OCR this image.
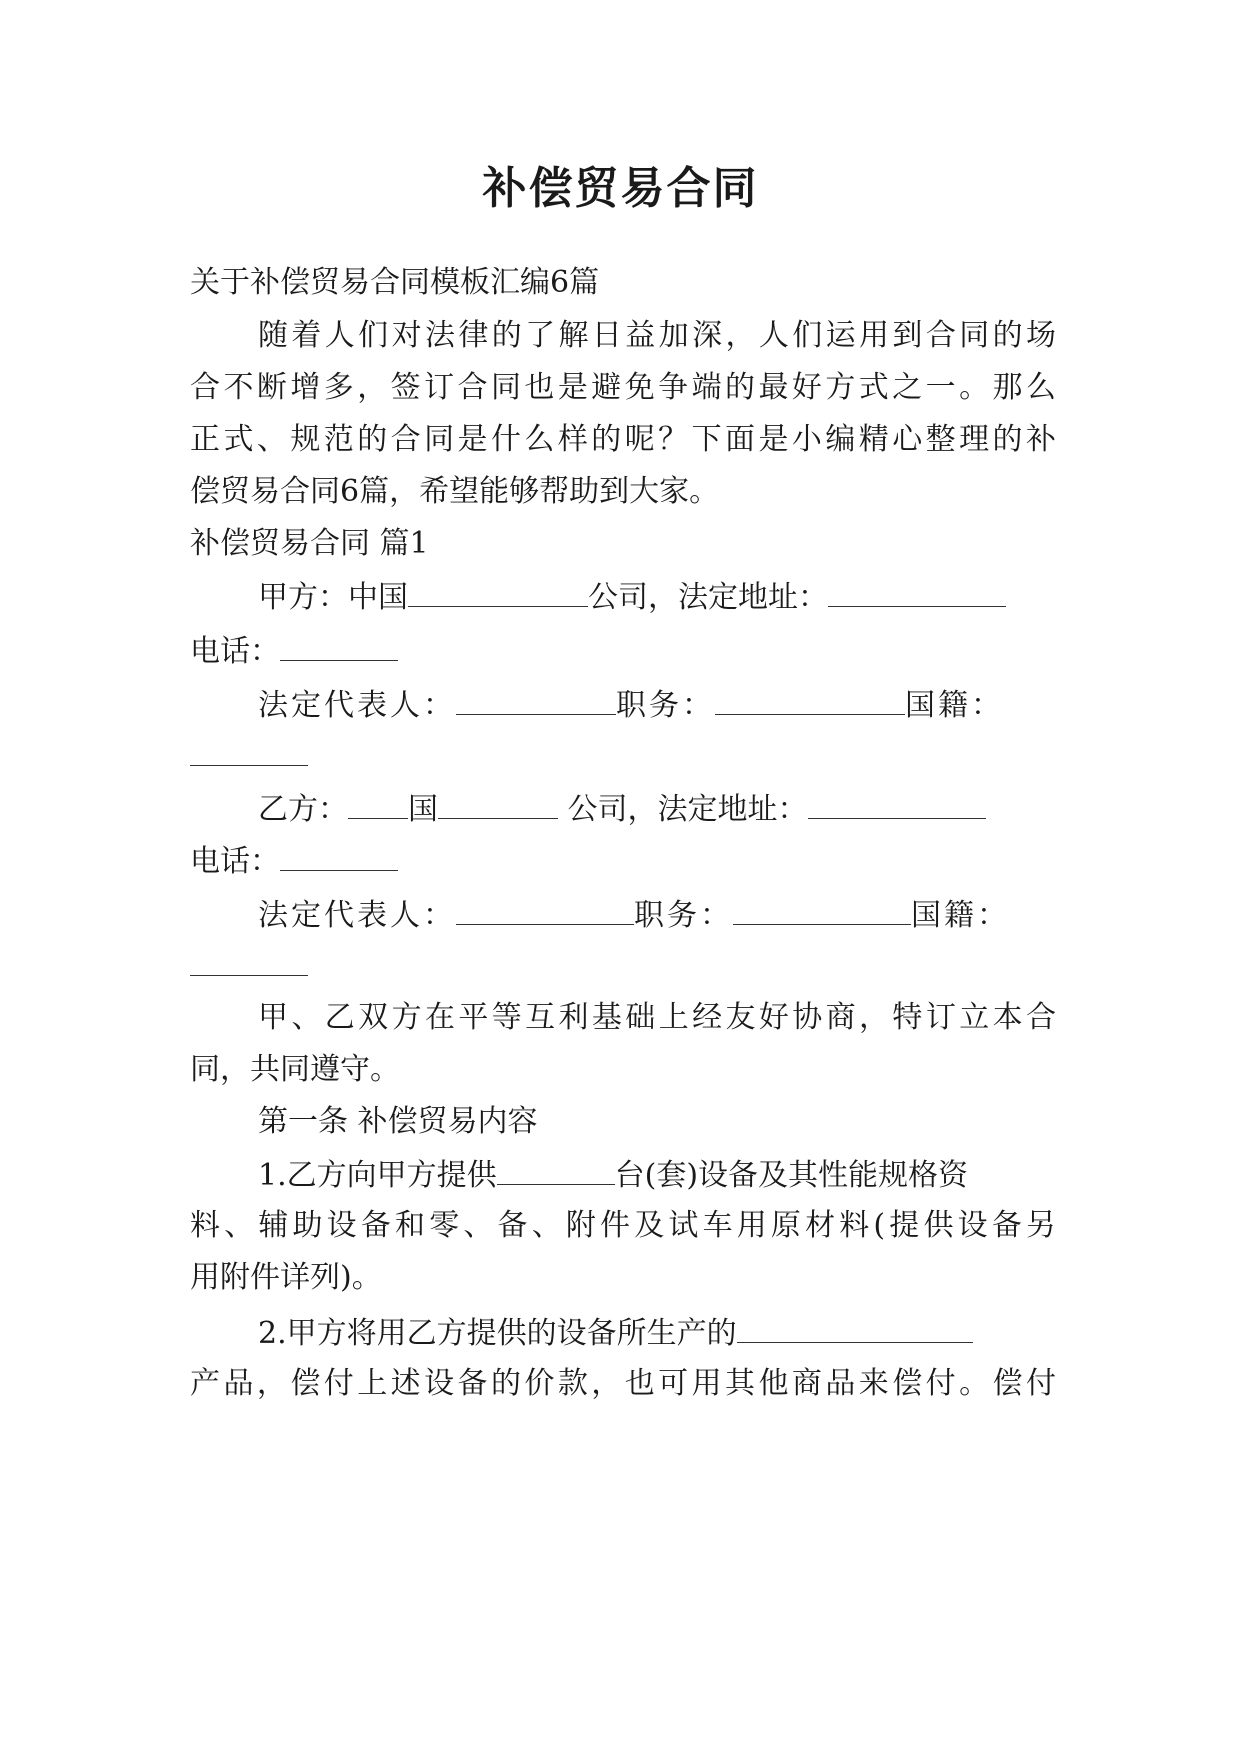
补偿贸易合同

关于补偿贸易合同模板汇编6篇

随着人们对法律的了解日益加深，人们运用到合同的场

合不断增多，签订合同也是避免争端的最好方式之一。那么

正式、规范的合同是什么样的呢？下面是小编精心整理的补

偿贸易合同6篇，希望能够帮助到大家。

补偿贸易合同 篇1

甲方：中国	公司，法定地址：

电话：

法定代表人：	职务：	国籍：

乙方： 国	公司，法定地址：

电话：

法定代表人：	职务：	国籍：

甲、乙双方在平等互利基础上经友好协商，特订立本合

同，共同遵守。

第一条 补偿贸易内容

1.乙方向甲方提供	台(套)设备及其性能规格资

料、辅助设备和零、备、附件及试车用原材料(提供设备另

用附件详列)。

2.甲方将用乙方提供的设备所生产的

产品，偿付上述设备的价款，也可用其他商品来偿付。偿付
